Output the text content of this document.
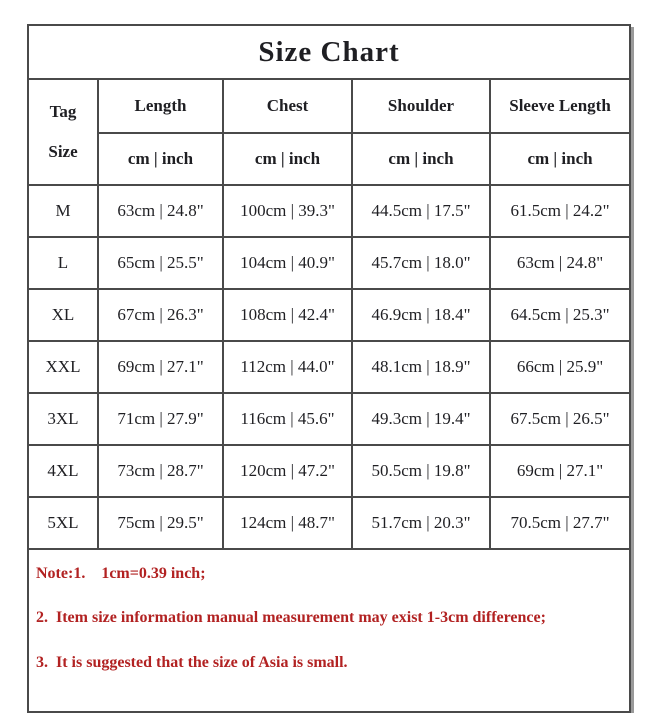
Size Chart				

Tag
Size	Length	Chest	Shoulder	Sleeve Length
	cm | inch	cm | inch	cm | inch	cm | inch
M	63cm | 24.8"	100cm | 39.3"	44.5cm | 17.5"	61.5cm | 24.2"
L	65cm | 25.5"	104cm | 40.9"	45.7cm | 18.0"	63cm | 24.8"
XL	67cm | 26.3"	108cm | 42.4"	46.9cm | 18.4"	64.5cm | 25.3"
XXL	69cm | 27.1"	112cm | 44.0"	48.1cm | 18.9"	66cm | 25.9"
3XL	71cm | 27.9"	116cm | 45.6"	49.3cm | 19.4"	67.5cm | 26.5"
4XL	73cm | 28.7"	120cm | 47.2"	50.5cm | 19.8"	69cm | 27.1"
5XL	75cm | 29.5"	124cm | 48.7"	51.7cm | 20.3"	70.5cm | 27.7"

Note:1.    1cm=0.39 inch;

2.  Item size information manual measurement may exist 1-3cm difference;

3.  It is suggested that the size of Asia is small.				
